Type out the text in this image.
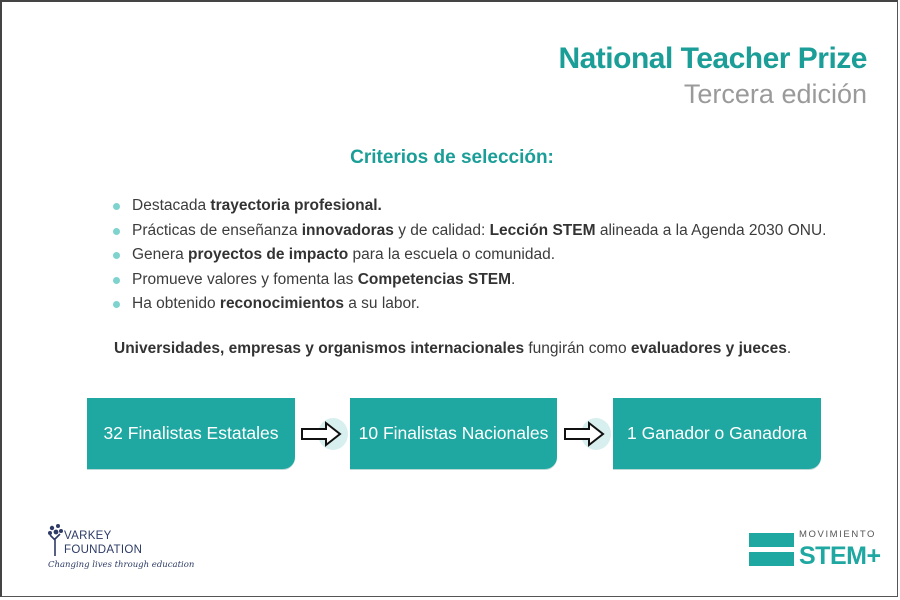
National Teacher Prize
Tercera edición
Criterios de selección:
Destacada trayectoria profesional.
Prácticas de enseñanza innovadoras y de calidad: Lección STEM alineada a la Agenda 2030 ONU.
Genera proyectos de impacto para la escuela o comunidad.
Promueve valores y fomenta las Competencias STEM.
Ha obtenido reconocimientos a su labor.
Universidades, empresas y organismos internacionales fungirán como evaluadores y jueces.
32 Finalistas Estatales	10 Finalistas Nacionales	1 Ganador o Ganadora
VARKEY
FOUNDATION
Changing lives through education
MOVIMIENTO
STEM+
